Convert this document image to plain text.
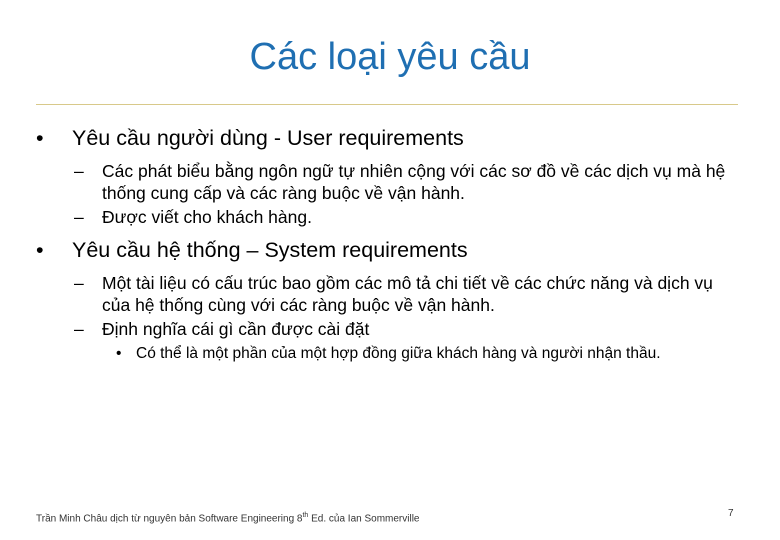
Các loại yêu cầu
• Yêu cầu người dùng - User requirements
– Các phát biểu bằng ngôn ngữ tự nhiên cộng với các sơ đồ về các dịch vụ mà hệ thống cung cấp và các ràng buộc về vận hành.
– Được viết cho khách hàng.
• Yêu cầu hệ thống – System requirements
– Một tài liệu có cấu trúc bao gồm các mô tả chi tiết về các chức năng và dịch vụ của hệ thống cùng với các ràng buộc về vận hành.
– Định nghĩa cái gì cần được cài đặt
• Có thể là một phần của một hợp đồng giữa khách hàng và người nhận thầu.
Trần Minh Châu dịch từ nguyên bản Software Engineering 8th Ed. của Ian Sommerville	7
